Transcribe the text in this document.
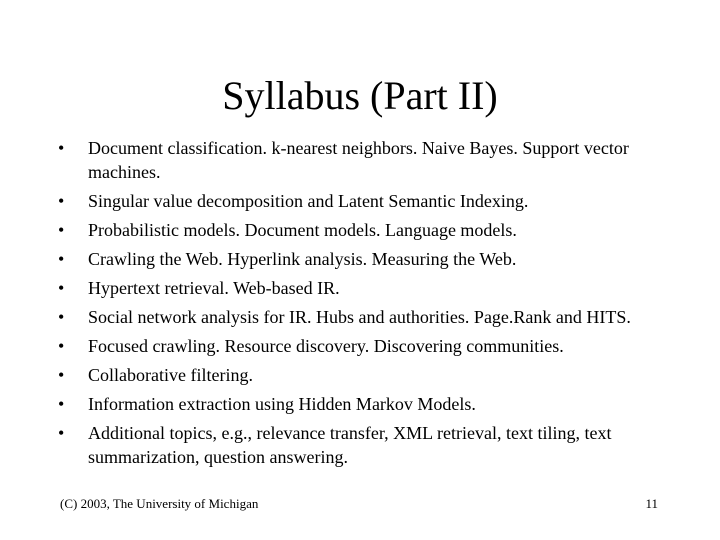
Syllabus (Part II)
• Document classification. k-nearest neighbors. Naive Bayes. Support vector machines.
• Singular value decomposition and Latent Semantic Indexing.
• Probabilistic models. Document models. Language models.
• Crawling the Web. Hyperlink analysis. Measuring the Web.
• Hypertext retrieval. Web-based IR.
• Social network analysis for IR. Hubs and authorities. Page.Rank and HITS.
• Focused crawling. Resource discovery. Discovering communities.
• Collaborative filtering.
• Information extraction using Hidden Markov Models.
• Additional topics, e.g., relevance transfer, XML retrieval, text tiling, text summarization, question answering.
(C) 2003, The University of Michigan	11
